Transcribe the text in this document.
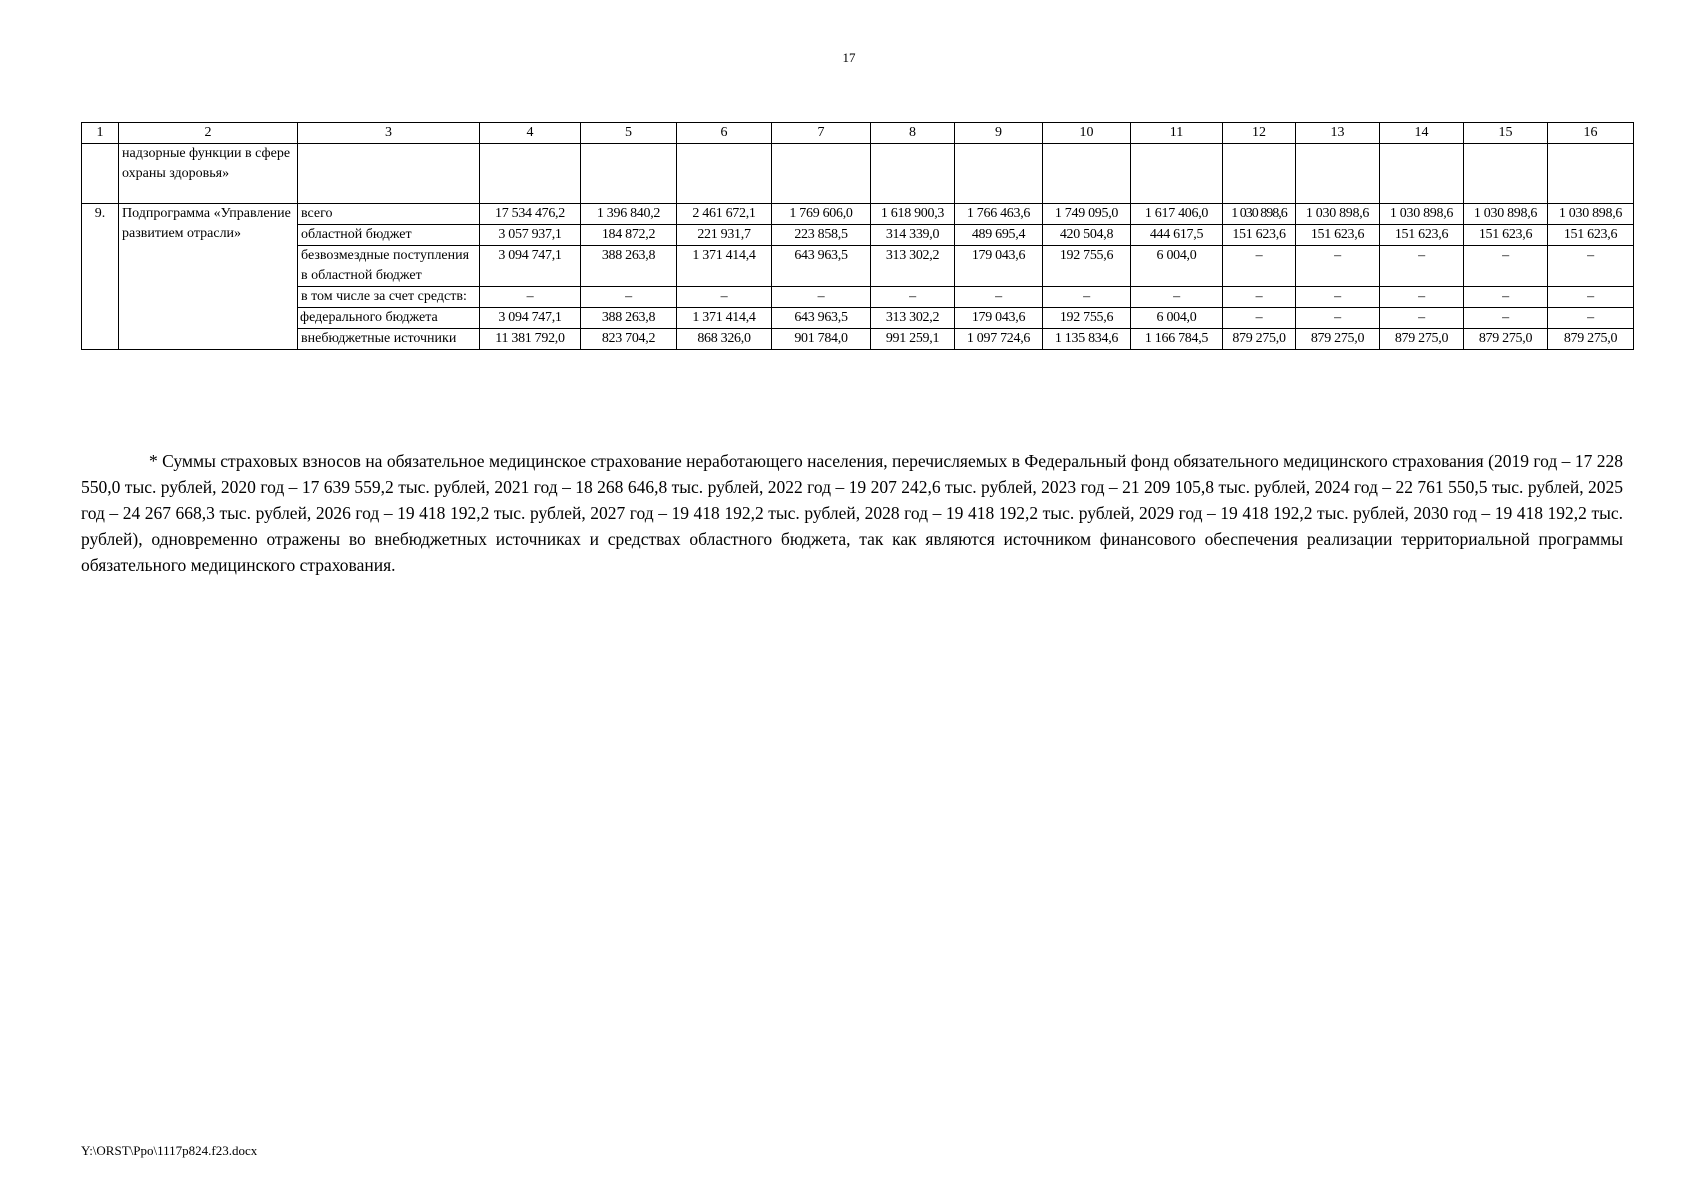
17
1	2	3	4	5	6	7	8	9	10	11	12	13	14	15	16
	надзорные функции в сфере охраны здоровья»														
9.	Подпрограмма «Управление развитием отрасли»	всего	17 534 476,2	1 396 840,2	2 461 672,1	1 769 606,0	1 618 900,3	1 766 463,6	1 749 095,0	1 617 406,0	1 030 898,6	1 030 898,6	1 030 898,6	1 030 898,6	1 030 898,6
		областной бюджет	3 057 937,1	184 872,2	221 931,7	223 858,5	314 339,0	489 695,4	420 504,8	444 617,5	151 623,6	151 623,6	151 623,6	151 623,6	151 623,6
		безвозмездные поступления в областной бюджет	3 094 747,1	388 263,8	1 371 414,4	643 963,5	313 302,2	179 043,6	192 755,6	6 004,0	–	–	–	–	–
		в том числе за счет средств:	–	–	–	–	–	–	–	–	–	–	–	–	–
		федерального бюджета	3 094 747,1	388 263,8	1 371 414,4	643 963,5	313 302,2	179 043,6	192 755,6	6 004,0	–	–	–	–	–
		внебюджетные источники	11 381 792,0	823 704,2	868 326,0	901 784,0	991 259,1	1 097 724,6	1 135 834,6	1 166 784,5	879 275,0	879 275,0	879 275,0	879 275,0	879 275,0

* Суммы страховых взносов на обязательное медицинское страхование неработающего населения, перечисляемых в Федеральный фонд обязательного медицинского страхования (2019 год – 17 228 550,0 тыс. рублей, 2020 год – 17 639 559,2 тыс. рублей, 2021 год – 18 268 646,8 тыс. рублей, 2022 год – 19 207 242,6 тыс. рублей, 2023 год – 21 209 105,8 тыс. рублей, 2024 год – 22 761 550,5 тыс. рублей, 2025 год – 24 267 668,3 тыс. рублей, 2026 год – 19 418 192,2 тыс. рублей, 2027 год – 19 418 192,2 тыс. рублей, 2028 год – 19 418 192,2 тыс. рублей, 2029 год – 19 418 192,2 тыс. рублей, 2030 год – 19 418 192,2 тыс. рублей), одновременно отражены во внебюджетных источниках и средствах областного бюджета, так как являются источником финансового обеспечения реализации территориальной программы обязательного медицинского страхования.

Y:\ORST\Ppo\1117p824.f23.docx
